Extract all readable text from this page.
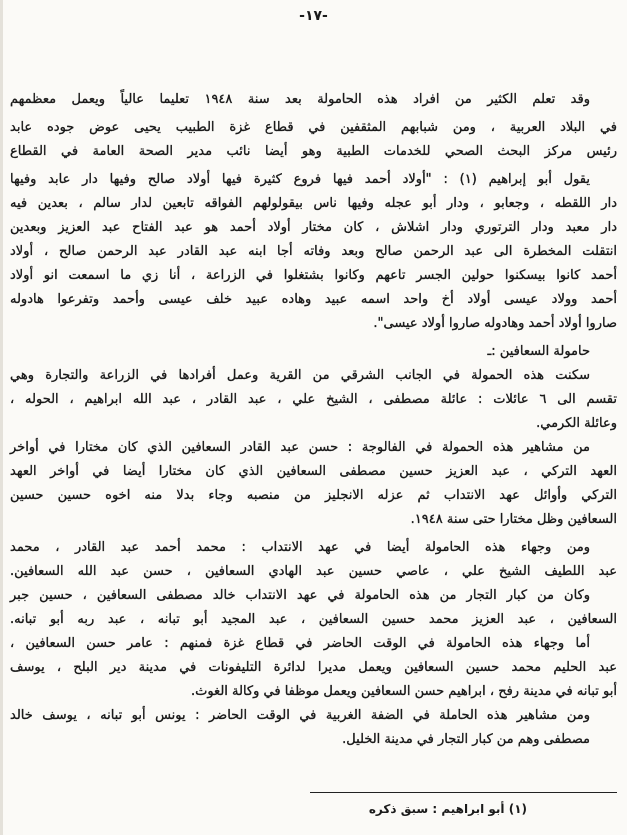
-١٧-
وقد تعلم الكثير من افراد هذه الحامولة بعد سنة ١٩٤٨ تعليما عالياً ويعمل معظمهم
في البلاد العربية ، ومن شبابهم المثقفين في قطاع غزة الطبيب يحيى عوض جوده عابد
رئيس مركز البحث الصحي للخدمات الطبية وهو أيضا نائب مدير الصحة العامة في القطاع
يقول أبو إبراهيم (١) : "أولاد أحمد فيها فروع كثيرة فيها أولاد صالح وفيها دار عابد وفيها
دار اللقطه ، وجعابو ، ودار أبو عجله وفيها ناس بيقولولهم الفواقه تابعين لدار سالم ، بعدين فيه
دار معبد ودار الترتوري ودار اشلاش ، كان مختار أولاد أحمد هو عبد الفتاح عبد العزيز وبعدين
انتقلت المخطرة الى عبد الرحمن صالح وبعد وفاته أجا ابنه عبد القادر عبد الرحمن صالح ، أولاد
أحمد كانوا بيسكنوا حولين الجسر تاعهم وكانوا بشتغلوا في الزراعة ، أنا زي ما اسمعت انو أولاد
أحمد وولاد عيسى أولاد أخ واحد اسمه عبيد وهاده عبيد خلف عيسى وأحمد وتفرعوا هادوله
صاروا أولاد أحمد وهادوله صاروا أولاد عيسى".
حامولة السعافين :ـ
سكنت هذه الحمولة في الجانب الشرقي من القرية وعمل أفرادها في الزراعة والتجارة وهي
تقسم الى ٦ عائلات : عائلة مصطفى ، الشيخ علي ، عبد القادر ، عبد الله ابراهيم ، الحوله ،
وعائلة الكرمي.
من مشاهير هذه الحمولة في الفالوجة : حسن عبد القادر السعافين الذي كان مختارا في أواخر
العهد التركي ، عبد العزيز حسين مصطفى السعافين الذي كان مختارا أيضا في أواخر العهد
التركي وأوائل عهد الانتداب ثم عزله الانجليز من منصبه وجاء بدلا منه اخوه حسين حسين
السعافين وظل مختارا حتى سنة ١٩٤٨.
ومن وجهاء هذه الحامولة أيضا في عهد الانتداب : محمد أحمد عبد القادر ، محمد
عبد اللطيف الشيخ علي ، عاصي حسين عبد الهادي السعافين ، حسن عبد الله السعافين.
وكان من كبار التجار من هذه الحامولة في عهد الانتداب خالد مصطفى السعافين ، حسين جبر
السعافين ، عبد العزيز محمد حسين السعافين ، عبد المجيد أبو تبانه ، عبد ربه أبو تبانه.
أما وجهاء هذه الحامولة في الوقت الحاضر في قطاع غزة فمنهم : عامر حسن السعافين ،
عبد الحليم محمد حسين السعافين ويعمل مديرا لدائرة التليفونات في مدينة دير البلح ، يوسف
أبو تبانه في مدينة رفح ، ابراهيم حسن السعافين ويعمل موظفا في وكالة الغوث.
ومن مشاهير هذه الحاملة في الضفة الغربية في الوقت الحاضر : يونس أبو تبانه ، يوسف خالد
مصطفى وهم من كبار التجار في مدينة الخليل.
(١) أبو ابراهيم : سبق ذكره
